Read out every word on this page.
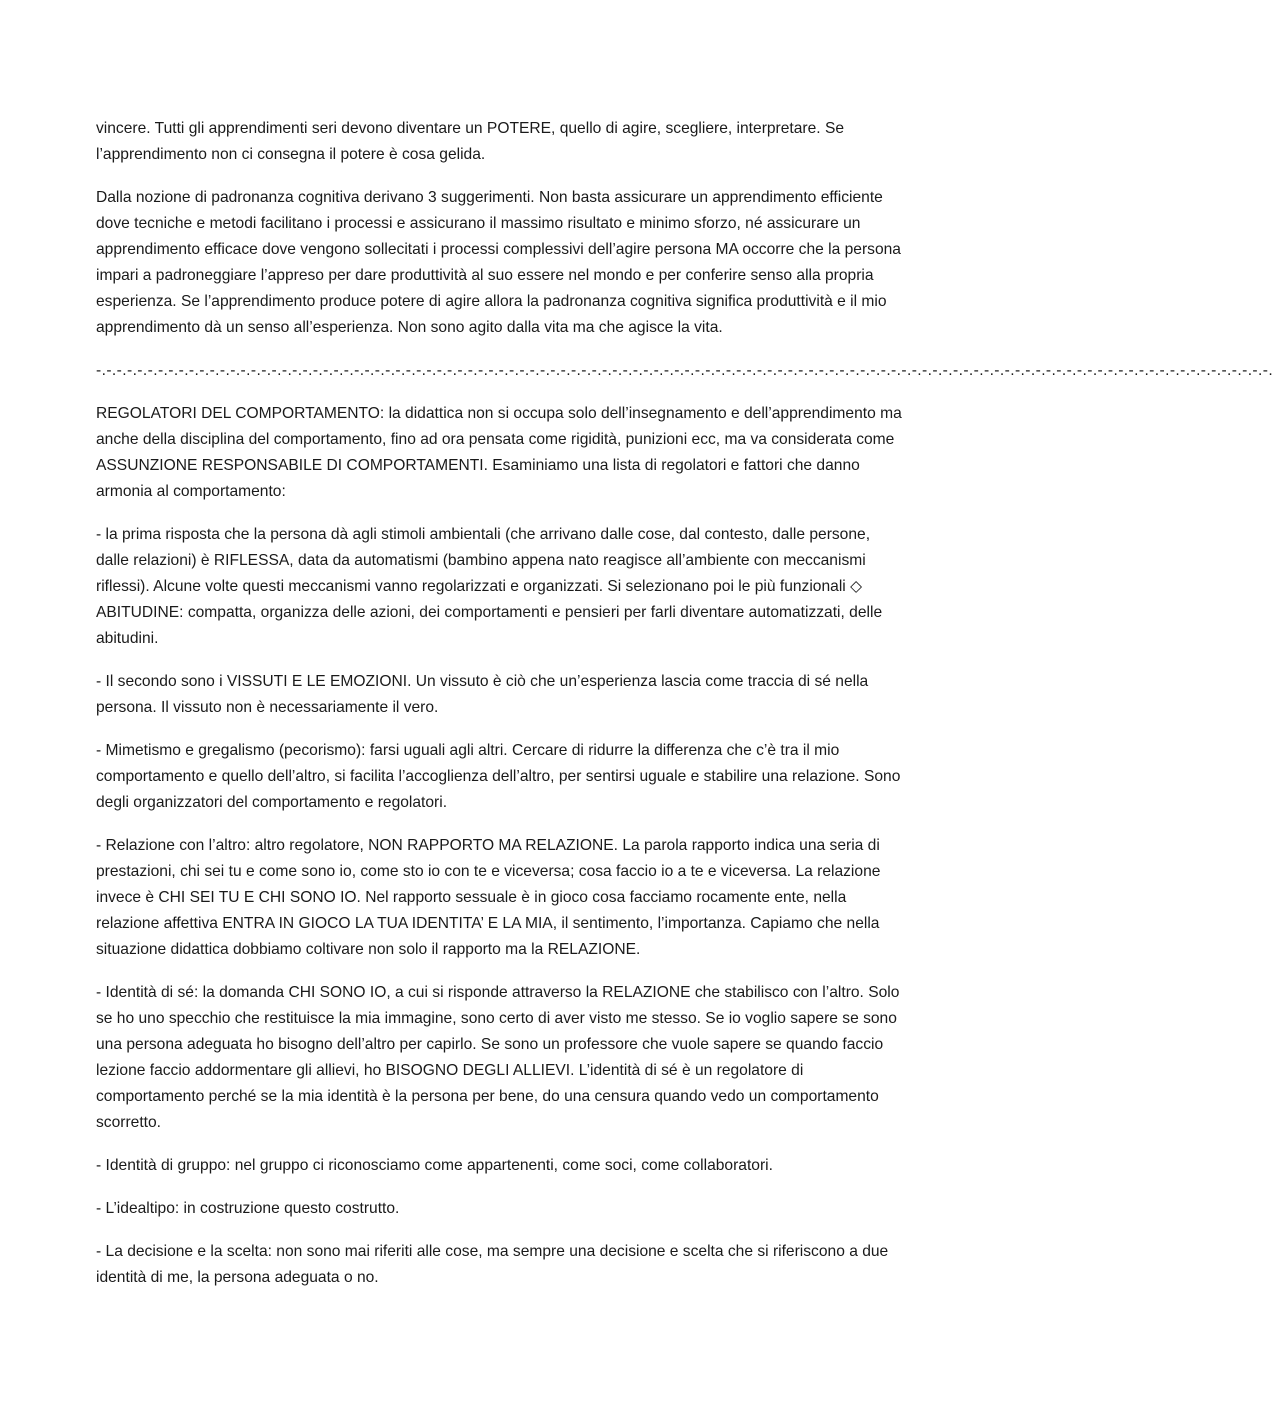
vincere. Tutti gli apprendimenti seri devono diventare un POTERE, quello di agire, scegliere, interpretare. Se l’apprendimento non ci consegna il potere è cosa gelida.

Dalla nozione di padronanza cognitiva derivano 3 suggerimenti. Non basta assicurare un apprendimento efficiente dove tecniche e metodi facilitano i processi e assicurano il massimo risultato e minimo sforzo, né assicurare un apprendimento efficace dove vengono sollecitati i processi complessivi dell’agire persona MA occorre che la persona impari a padroneggiare l’appreso per dare produttività al suo essere nel mondo e per conferire senso alla propria esperienza. Se l’apprendimento produce potere di agire allora la padronanza cognitiva significa produttività e il mio apprendimento dà un senso all’esperienza. Non sono agito dalla vita ma che agisce la vita.

-.-.-.-.-.-.-.-.-.-.-.-.-.-.-.-.-.-.-.-.-.-.-.-.-.-.-.-.-.-.-.-.-.-.-.-.-.-.-.-.-.-.-.-.-.-.-.-.-.-.-.-.-.-.-.-.-.-.-.-.-.-.-.-.-.-.-.-.-.-.-.-.-.-.-.-.-.-.-.-.-.-.-.-.-.-.-.-.-.-.-.-.-.-.-.-.-.-.-.-.-.-.-.-.-.-.-.-.-.-.-.-.-.-.

REGOLATORI DEL COMPORTAMENTO: la didattica non si occupa solo dell’insegnamento e dell’apprendimento ma anche della disciplina del comportamento, fino ad ora pensata come rigidità, punizioni ecc, ma va considerata come ASSUNZIONE RESPONSABILE DI COMPORTAMENTI. Esaminiamo una lista di regolatori e fattori che danno armonia al comportamento:

- la prima risposta che la persona dà agli stimoli ambientali (che arrivano dalle cose, dal contesto, dalle persone, dalle relazioni) è RIFLESSA, data da automatismi (bambino appena nato reagisce all’ambiente con meccanismi riflessi). Alcune volte questi meccanismi vanno regolarizzati e organizzati. Si selezionano poi le più funzionali ◇ ABITUDINE: compatta, organizza delle azioni, dei comportamenti e pensieri per farli diventare automatizzati, delle abitudini.

- Il secondo sono i VISSUTI E LE EMOZIONI. Un vissuto è ciò che un’esperienza lascia come traccia di sé nella persona. Il vissuto non è necessariamente il vero.

- Mimetismo e gregalismo (pecorismo): farsi uguali agli altri. Cercare di ridurre la differenza che c’è tra il mio comportamento e quello dell’altro, si facilita l’accoglienza dell’altro, per sentirsi uguale e stabilire una relazione. Sono degli organizzatori del comportamento e regolatori.

- Relazione con l’altro: altro regolatore, NON RAPPORTO MA RELAZIONE. La parola rapporto indica una seria di prestazioni, chi sei tu e come sono io, come sto io con te e viceversa; cosa faccio io a te e viceversa. La relazione invece è CHI SEI TU E CHI SONO IO. Nel rapporto sessuale è in gioco cosa facciamo rocamente ente, nella relazione affettiva ENTRA IN GIOCO LA TUA IDENTITA’ E LA MIA, il sentimento, l’importanza. Capiamo che nella situazione didattica dobbiamo coltivare non solo il rapporto ma la RELAZIONE.

- Identità di sé: la domanda CHI SONO IO, a cui si risponde attraverso la RELAZIONE che stabilisco con l’altro. Solo se ho uno specchio che restituisce la mia immagine, sono certo di aver visto me stesso. Se io voglio sapere se sono una persona adeguata ho bisogno dell’altro per capirlo. Se sono un professore che vuole sapere se quando faccio lezione faccio addormentare gli allievi, ho BISOGNO DEGLI ALLIEVI. L’identità di sé è un regolatore di comportamento perché se la mia identità è la persona per bene, do una censura quando vedo un comportamento scorretto.

- Identità di gruppo: nel gruppo ci riconosciamo come appartenenti, come soci, come collaboratori.

- L’idealtipo: in costruzione questo costrutto.

- La decisione e la scelta: non sono mai riferiti alle cose, ma sempre una decisione e scelta che si riferiscono a due identità di me, la persona adeguata o no.
